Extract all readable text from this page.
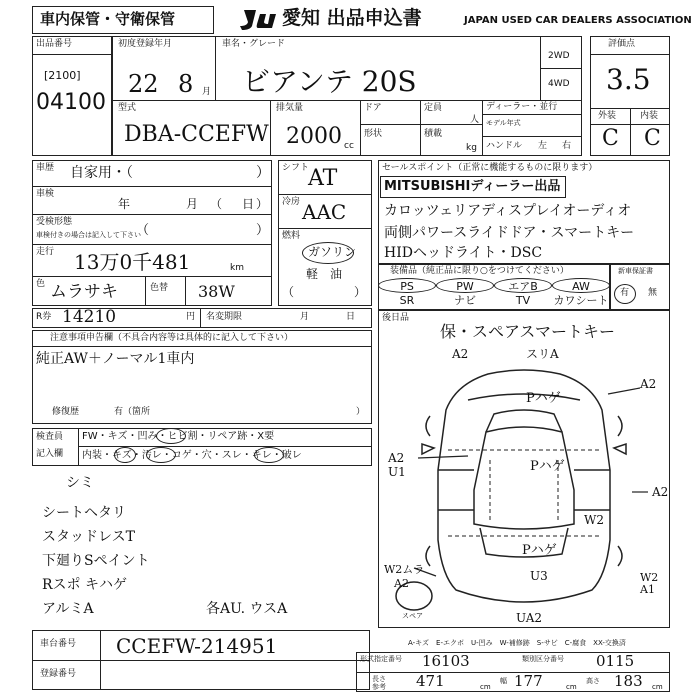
車内保管・守衛保管	愛知 出品申込書	JAPAN USED CAR DEALERS ASSOCIATION
出品番号
[2100]
04100
初度登録年月
22 8 月
車名・グレード
ビアンテ 20S
2WD
4WD
評価点
3.5
外装	内装
C C
型式
DBA-CCEFW
排気量
2000 cc
ドア
形状
定員
人
積載
kg
ディーラー・並行
モデル年式
ハンドル 左 右
車歴 自家用・（	）
車検
年	月 （ 日 ）
受検形態
車検付きの場合は記入して下さい
（	）
走行 13万0千481	km
色 ムラサキ	色替 38W
シフト
AT
冷房 AAC
燃料
ガソリン
軽　油
（	）
セールスポイント（正常に機能するものに限ります）
MITSUBISHIディーラー出品
カロッツェリアディスプレイオーディオ
両側パワースライドドア・スマートキー
HIDヘッドライト・DSC
装備品（純正品に限り○をつけてください）
PS	PW	エアB	AW
SR	ナビ	TV	カワシート
新車保証書
有 無
R券 14210	円 名変期限	月	日
注意事項申告欄（不具合内容等は具体的に記入して下さい）
純正AW＋ノーマル1車内
修復歴	有（箇所	）
検査員
記入欄
FW・キズ・凹み・ヒビ割・リペア跡・X要
内装・キズ・汚レ・コゲ・穴・スレ・キレ・破レ
シミ
シートヘタリ
スタッドレスT
下廻りSペイント
Rスポ キハゲ
アルミA	各AU. ウスA
後日品
保・スペアスマートキー
A2	スリA
A2
Pハゲ
A2
U1	Pハゲ
A2
W2
W2ムラ
A2
Pハゲ
U3	W2
A1
UA2
スペア
車台番号 CCEFW-214951
登録番号
A-キズ　E-エクボ　U-凹み　W-補修跡　S-サビ　C-腐食　XX-交換済
形式指定番号 16103	類別区分番号 0115
長さ
参考 471	cm
幅 177	cm
高さ 183 cm
